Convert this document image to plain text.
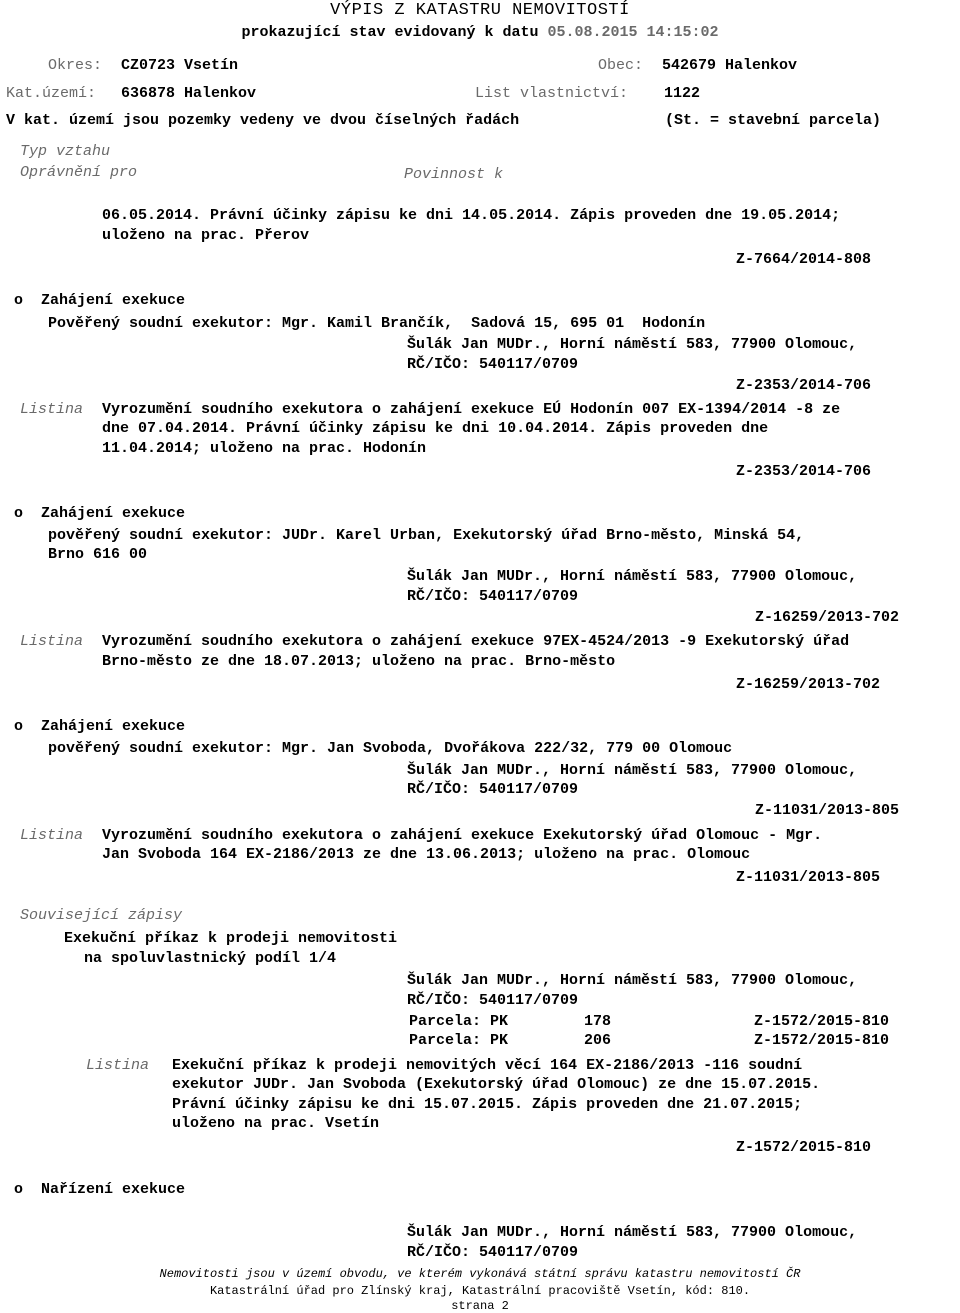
VÝPIS Z KATASTRU NEMOVITOSTÍ
prokazující stav evidovaný k datu 05.08.2015 14:15:02
Okres: CZ0723 Vsetín	Obec: 542679 Halenkov
Kat.území: 636878 Halenkov	List vlastnictví: 1122
V kat. území jsou pozemky vedeny ve dvou číselných řadách	(St. = stavební parcela)
Typ vztahu
Oprávnění pro	Povinnost k
06.05.2014. Právní účinky zápisu ke dni 14.05.2014. Zápis proveden dne 19.05.2014;
uloženo na prac. Přerov
Z-7664/2014-808
o Zahájení exekuce
Pověřený soudní exekutor: Mgr. Kamil Brančík,  Sadová 15, 695 01  Hodonín
Šulák Jan MUDr., Horní náměstí 583, 77900 Olomouc,
RČ/IČO: 540117/0709
Z-2353/2014-706
Listina Vyrozumění soudního exekutora o zahájení exekuce EÚ Hodonín 007 EX-1394/2014 -8 ze
dne 07.04.2014. Právní účinky zápisu ke dni 10.04.2014. Zápis proveden dne
11.04.2014; uloženo na prac. Hodonín
Z-2353/2014-706
o Zahájení exekuce
pověřený soudní exekutor: JUDr. Karel Urban, Exekutorský úřad Brno-město, Minská 54,
Brno 616 00
Šulák Jan MUDr., Horní náměstí 583, 77900 Olomouc,
RČ/IČO: 540117/0709
Z-16259/2013-702
Listina Vyrozumění soudního exekutora o zahájení exekuce 97EX-4524/2013 -9 Exekutorský úřad
Brno-město ze dne 18.07.2013; uloženo na prac. Brno-město
Z-16259/2013-702
o Zahájení exekuce
pověřený soudní exekutor: Mgr. Jan Svoboda, Dvořákova 222/32, 779 00 Olomouc
Šulák Jan MUDr., Horní náměstí 583, 77900 Olomouc,
RČ/IČO: 540117/0709
Z-11031/2013-805
Listina Vyrozumění soudního exekutora o zahájení exekuce Exekutorský úřad Olomouc - Mgr.
Jan Svoboda 164 EX-2186/2013 ze dne 13.06.2013; uloženo na prac. Olomouc
Z-11031/2013-805
Související zápisy
Exekuční příkaz k prodeji nemovitosti
na spoluvlastnický podíl 1/4
Šulák Jan MUDr., Horní náměstí 583, 77900 Olomouc,
RČ/IČO: 540117/0709
Parcela: PK	178	Z-1572/2015-810
Parcela: PK	206	Z-1572/2015-810
Listina Exekuční příkaz k prodeji nemovitých věcí 164 EX-2186/2013 -116 soudní
exekutor JUDr. Jan Svoboda (Exekutorský úřad Olomouc) ze dne 15.07.2015.
Právní účinky zápisu ke dni 15.07.2015. Zápis proveden dne 21.07.2015;
uloženo na prac. Vsetín
Z-1572/2015-810
o Nařízení exekuce
Šulák Jan MUDr., Horní náměstí 583, 77900 Olomouc,
RČ/IČO: 540117/0709
Nemovitosti jsou v území obvodu, ve kterém vykonává státní správu katastru nemovitostí ČR
Katastrální úřad pro Zlínský kraj, Katastrální pracoviště Vsetín, kód: 810.
strana 2
